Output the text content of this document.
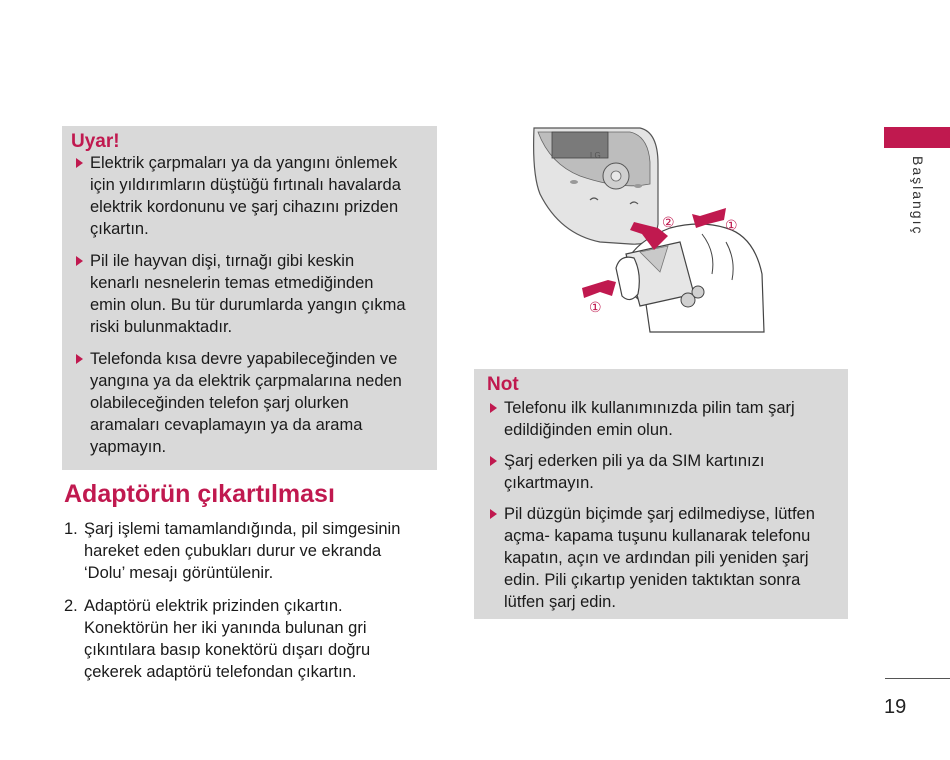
Uyar!
Elektrik çarpmaları ya da yangını önlemek
için yıldırımların düştüğü fırtınalı havalarda
elektrik kordonunu ve şarj cihazını prizden
çıkartın.
Pil ile hayvan dişi, tırnağı gibi keskin
kenarlı nesnelerin temas etmediğinden
emin olun. Bu tür durumlarda yangın çıkma
riski bulunmaktadır.
Telefonda kısa devre yapabileceğinden ve
yangına ya da elektrik çarpmalarına neden
olabileceğinden telefon şarj olurken
aramaları cevaplamayın ya da arama
yapmayın.
Adaptörün çıkartılması
1. Şarj işlemi tamamlandığında, pil simgesinin
hareket eden çubukları durur ve ekranda
‘Dolu’ mesajı görüntülenir.
2. Adaptörü elektrik prizinden çıkartın.
Konektörün her iki yanında bulunan gri
çıkıntılara basıp konektörü dışarı doğru
çekerek adaptörü telefondan çıkartın.
LG
②	①
①
Not
Telefonu ilk kullanımınızda pilin tam şarj
edildiğinden emin olun.
Şarj ederken pili ya da SIM kartınızı
çıkartmayın.
Pil düzgün biçimde şarj edilmediyse, lütfen
açma- kapama tuşunu kullanarak telefonu
kapatın, açın ve ardından pili yeniden şarj
edin. Pili çıkartıp yeniden taktıktan sonra
lütfen şarj edin.
Başlangıç
19
